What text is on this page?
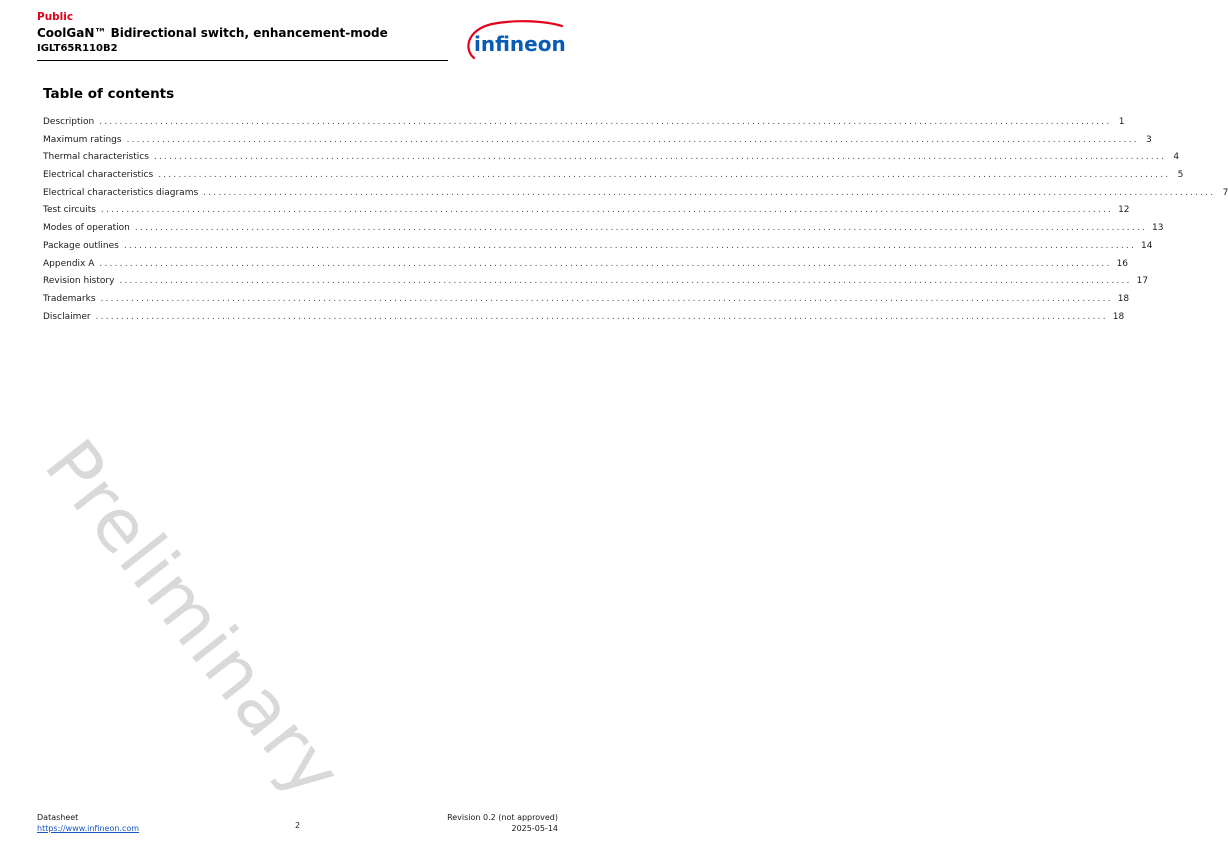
Public
CoolGaN™ Bidirectional switch, enhancement-mode
IGLT65R110B2	infineon
Table of contents
Description ........................................................................................................................................................................................................ 1
Maximum ratings ........................................................................................................................................................................................................ 3
Thermal characteristics ........................................................................................................................................................................................................ 4
Electrical characteristics ........................................................................................................................................................................................................ 5
Electrical characteristics diagrams ........................................................................................................................................................................................................ 7
Test circuits ........................................................................................................................................................................................................ 12
Modes of operation ........................................................................................................................................................................................................ 13
Package outlines ........................................................................................................................................................................................................ 14
Appendix A ........................................................................................................................................................................................................ 16
Revision history ........................................................................................................................................................................................................ 17
Trademarks ........................................................................................................................................................................................................ 18
Disclaimer ........................................................................................................................................................................................................ 18
Preliminary
Datasheet
https://www.infineon.com	2
Revision 0.2 (not approved)
2025-05-14
